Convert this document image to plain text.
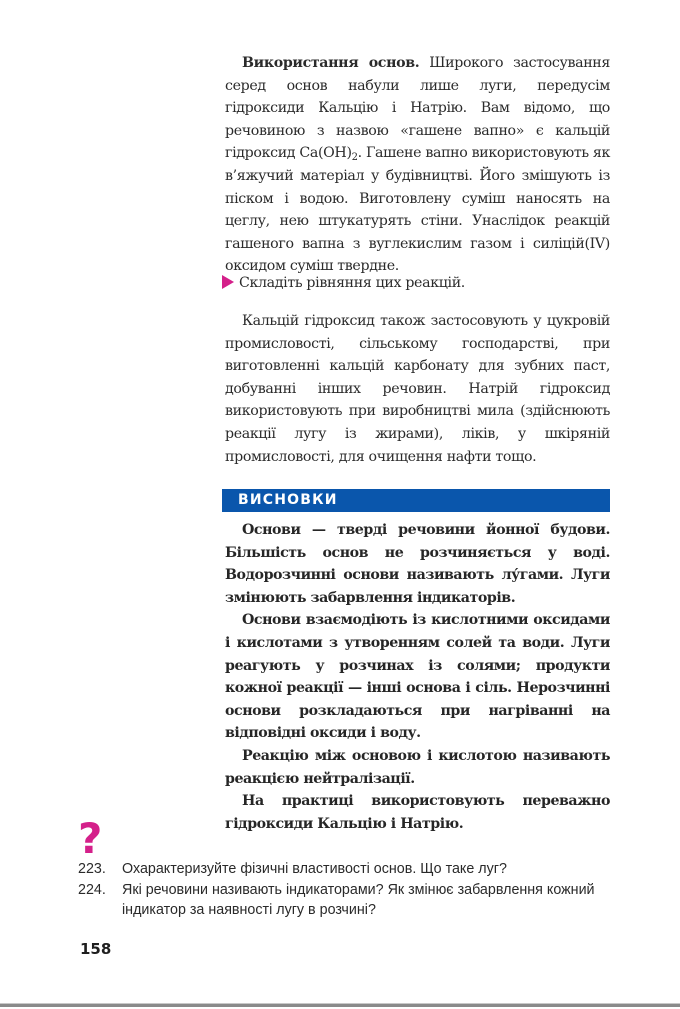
Використання основ. Широкого застосування серед основ набули лише луги, передусім гідроксиди Кальцію і Натрію. Вам відомо, що речовиною з назвою «гашене вапно» є кальцій гідроксид $Ca(OH)_2$. Гашене вапно використовують як в’яжучий матеріал у будівництві. Його змішують із піском і водою. Виготовлену суміш наносять на цеглу, нею штукатурять стіни. Унаслідок реакцій гашеного вапна з вуглекислим газом і силіцій(IV) оксидом суміш твердне.

Складіть рівняння цих реакцій.

Кальцій гідроксид також застосовують у цукровій промисловості, сільському господарстві, при виготовленні кальцій карбонату для зубних паст, добуванні інших речовин. Натрій гідроксид використовують при виробництві мила (здійснюють реакції лугу із жирами), ліків, у шкіряній промисловості, для очищення нафти тощо.

ВИСНОВКИ

Основи — тверді речовини йонної будови. Більшість основ не розчиняється у воді. Водорозчинні основи називають лу́гами. Луги змінюють забарвлення індикаторів.

Основи взаємодіють із кислотними оксидами і кислотами з утворенням солей та води. Луги реагують у розчинах із солями; продукти кожної реакції — інші основа і сіль. Нерозчинні основи розкладаються при нагріванні на відповідні оксиди і воду.

Реакцію між основою і кислотою називають реакцією нейтралізації.

На практиці використовують переважно гідроксиди Кальцію і Натрію.

?
223.	Охарактеризуйте фізичні властивості основ. Що таке луг?
224.	Які речовини називають індикаторами? Як змінює забарвлення кожний індикатор за наявності лугу в розчині?
158
